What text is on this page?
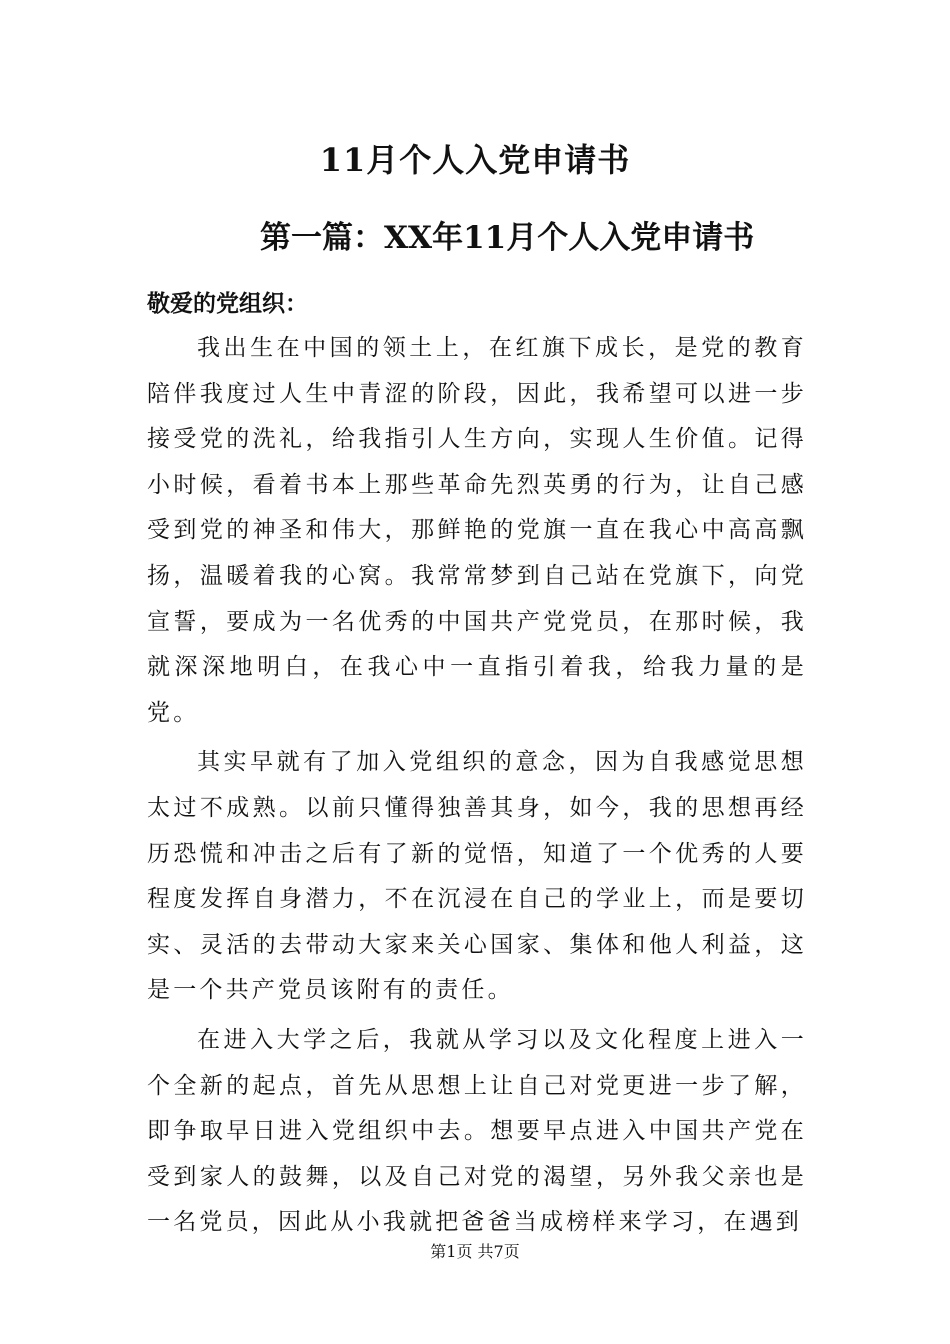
11月个人入党申请书
第一篇：XX年11月个人入党申请书
敬爱的党组织：

我出生在中国的领土上，在红旗下成长，是党的教育陪伴我度过人生中青涩的阶段，因此，我希望可以进一步接受党的洗礼，给我指引人生方向，实现人生价值。记得小时候，看着书本上那些革命先烈英勇的行为，让自己感受到党的神圣和伟大，那鲜艳的党旗一直在我心中高高飘扬，温暖着我的心窝。我常常梦到自己站在党旗下，向党宣誓，要成为一名优秀的中国共产党党员，在那时候，我就深深地明白，在我心中一直指引着我，给我力量的是党。

其实早就有了加入党组织的意念，因为自我感觉思想太过不成熟。以前只懂得独善其身，如今，我的思想再经历恐慌和冲击之后有了新的觉悟，知道了一个优秀的人要程度发挥自身潜力，不在沉浸在自己的学业上，而是要切实、灵活的去带动大家来关心国家、集体和他人利益，这是一个共产党员该附有的责任。

在进入大学之后，我就从学习以及文化程度上进入一个全新的起点，首先从思想上让自己对党更进一步了解，即争取早日进入党组织中去。想要早点进入中国共产党在受到家人的鼓舞，以及自己对党的渴望，另外我父亲也是一名党员，因此从小我就把爸爸当成榜样来学习，在遇到

第1页 共7页
